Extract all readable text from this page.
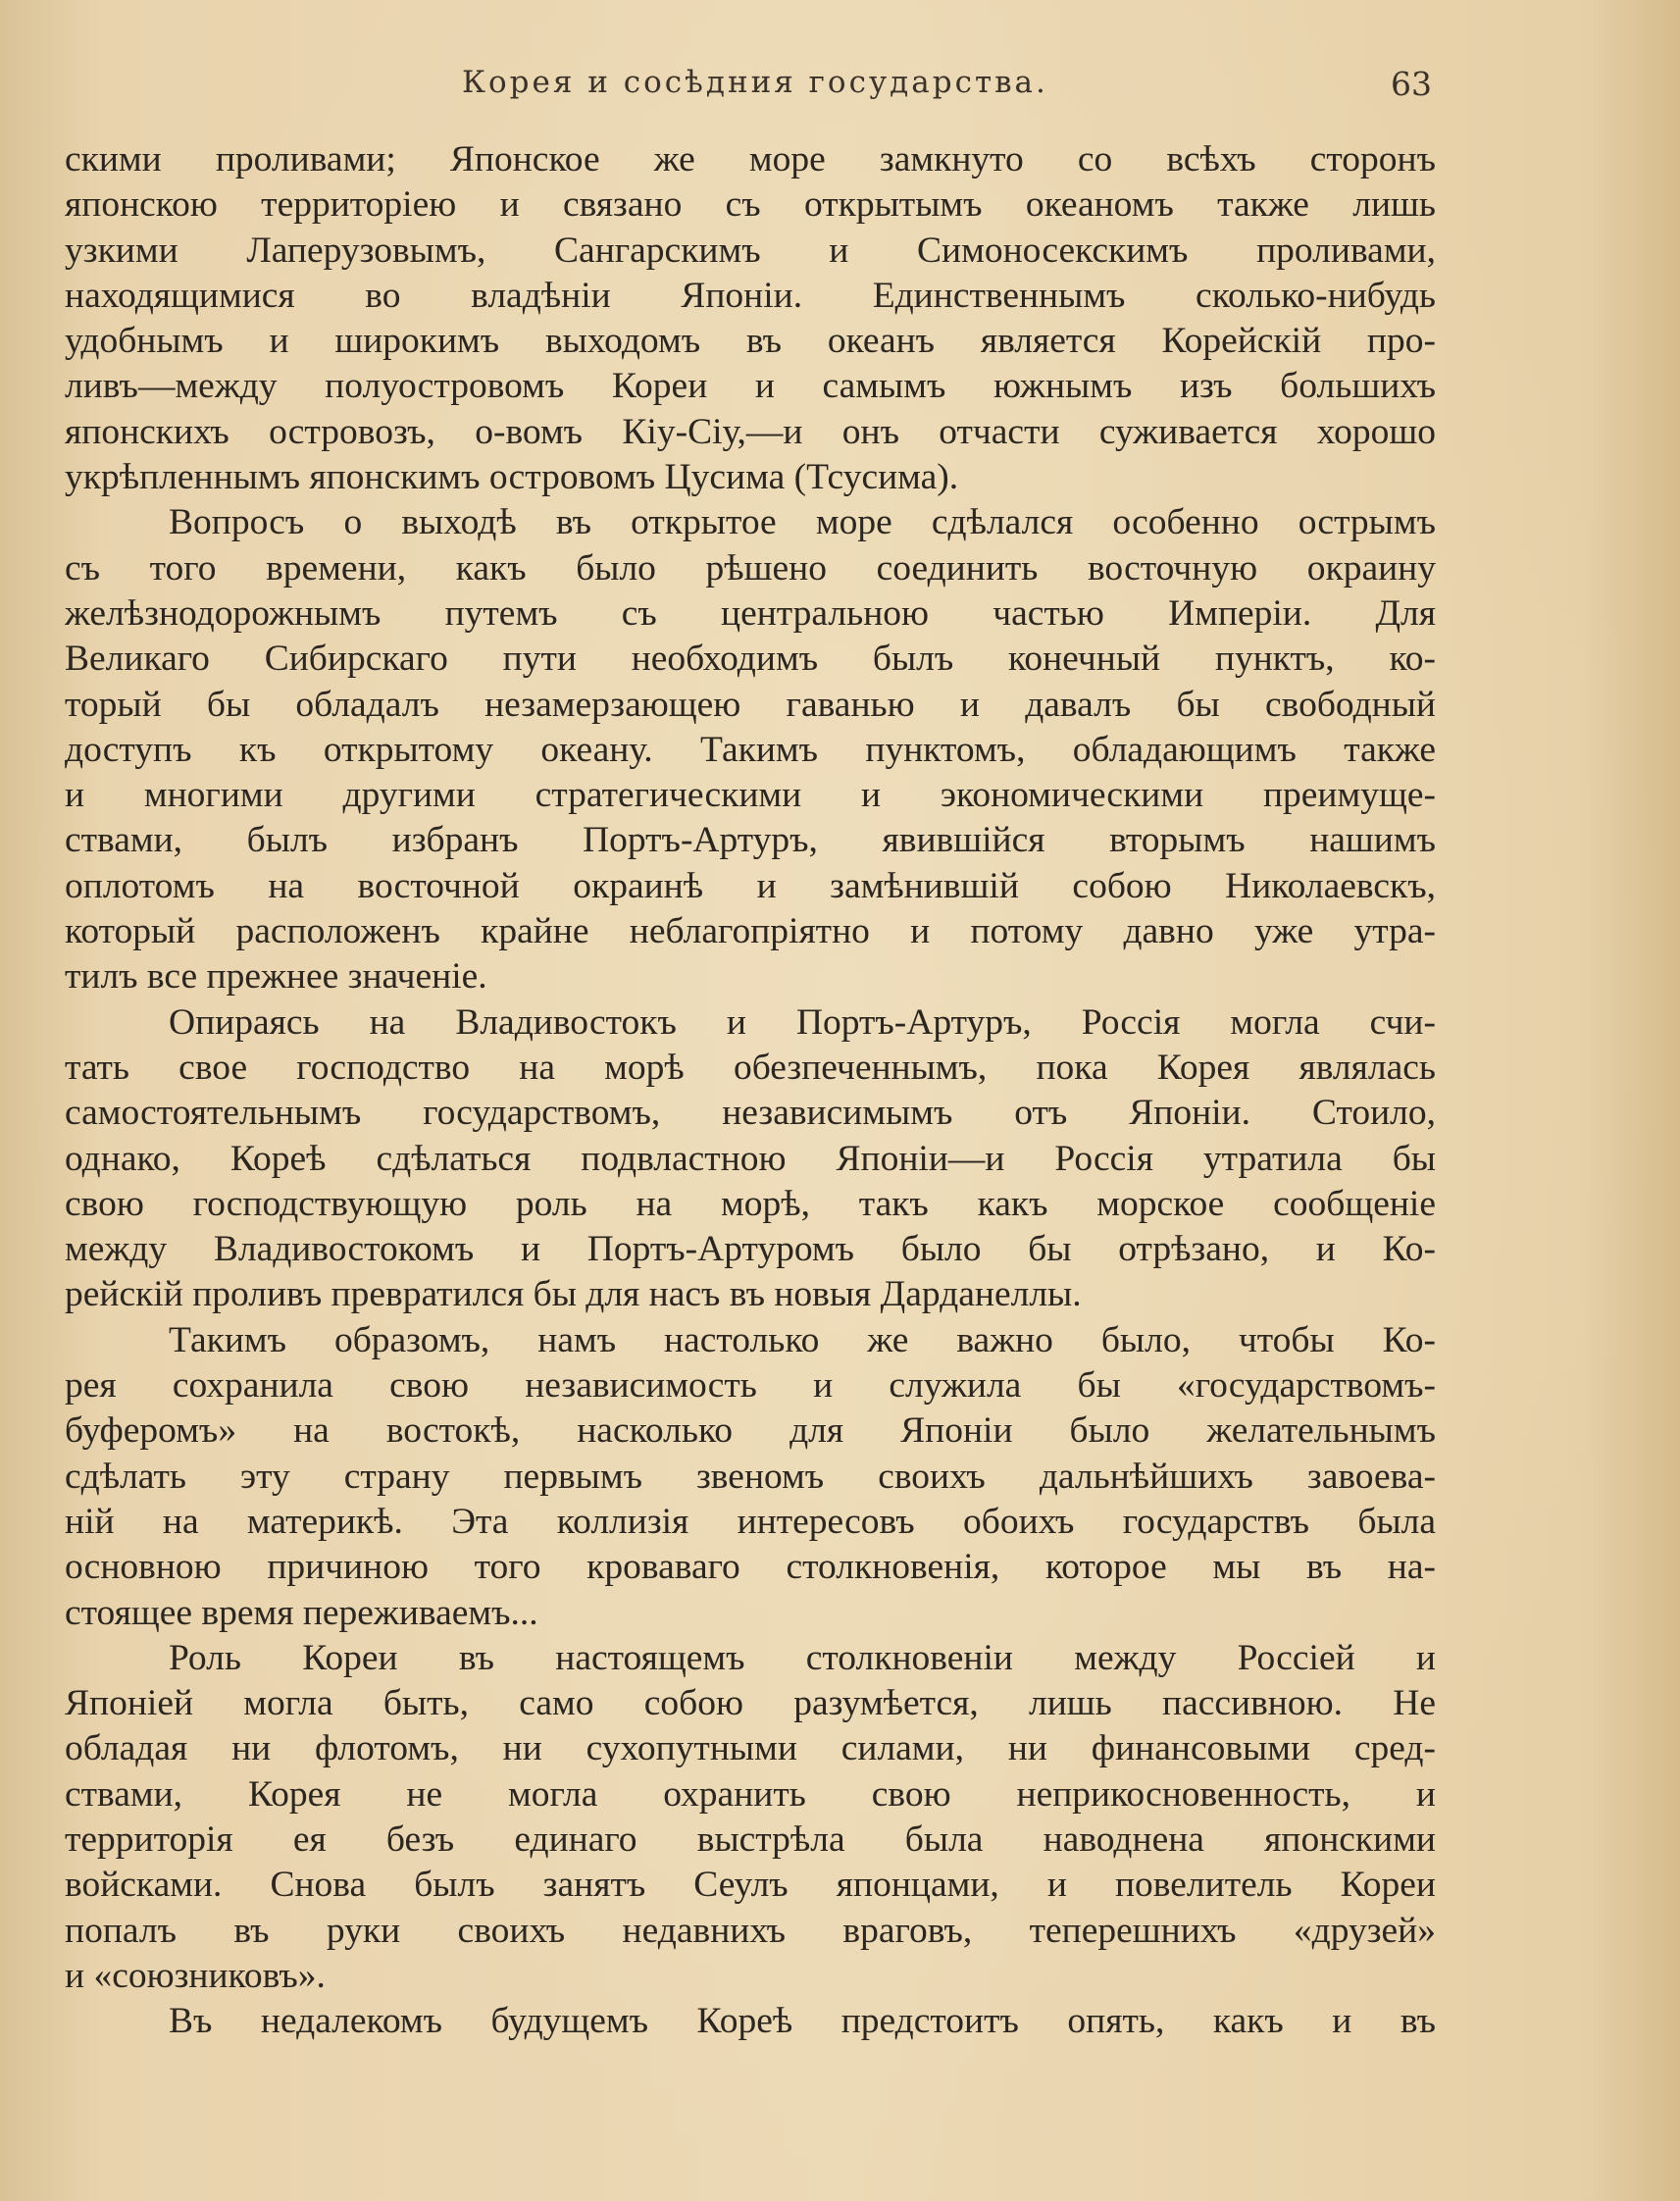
Корея и сосѣдния государства.	63
скими проливами; Японское же море замкнуто со всѣхъ сторонъ
японскою территоріею и связано съ открытымъ океаномъ также лишь
узкими Лаперузовымъ, Сангарскимъ и Симоносекскимъ проливами,
находящимися во владѣніи Японіи. Единственнымъ сколько-нибудь
удобнымъ и широкимъ выходомъ въ океанъ является Корейскій про-
ливъ—между полуостровомъ Кореи и самымъ южнымъ изъ большихъ
японскихъ островозъ, о-вомъ Кіу-Сіу,—и онъ отчасти суживается хорошо
укрѣпленнымъ японскимъ островомъ Цусима (Тсусима).
Вопросъ о выходѣ въ открытое море сдѣлался особенно острымъ
съ того времени, какъ было рѣшено соединить восточную окраину
желѣзнодорожнымъ путемъ съ центральною частью Имперіи. Для
Великаго Сибирскаго пути необходимъ былъ конечный пунктъ, ко-
торый бы обладалъ незамерзающею гаванью и давалъ бы свободный
доступъ къ открытому океану. Такимъ пунктомъ, обладающимъ также
и многими другими стратегическими и экономическими преимуще-
ствами, былъ избранъ Портъ-Артуръ, явившійся вторымъ нашимъ
оплотомъ на восточной окраинѣ и замѣнившій собою Николаевскъ,
который расположенъ крайне неблагопріятно и потому давно уже утра-
тилъ все прежнее значеніе.
Опираясь на Владивостокъ и Портъ-Артуръ, Россія могла счи-
тать свое господство на морѣ обезпеченнымъ, пока Корея являлась
самостоятельнымъ государствомъ, независимымъ отъ Японіи. Стоило,
однако, Кореѣ сдѣлаться подвластною Японіи—и Россія утратила бы
свою господствующую роль на морѣ, такъ какъ морское сообщеніе
между Владивостокомъ и Портъ-Артуромъ было бы отрѣзано, и Ко-
рейскій проливъ превратился бы для насъ въ новыя Дарданеллы.
Такимъ образомъ, намъ настолько же важно было, чтобы Ко-
рея сохранила свою независимость и служила бы «государствомъ-
буферомъ» на востокѣ, насколько для Японіи было желательнымъ
сдѣлать эту страну первымъ звеномъ своихъ дальнѣйшихъ завоева-
ній на материкѣ. Эта коллизія интересовъ обоихъ государствъ была
основною причиною того кроваваго столкновенія, которое мы въ на-
стоящее время переживаемъ...
Роль Кореи въ настоящемъ столкновеніи между Россіей и
Японіей могла быть, само собою разумѣется, лишь пассивною. Не
обладая ни флотомъ, ни сухопутными силами, ни финансовыми сред-
ствами, Корея не могла охранить свою неприкосновенность, и
территорія ея безъ единаго выстрѣла была наводнена японскими
войсками. Снова былъ занятъ Сеулъ японцами, и повелитель Кореи
попалъ въ руки своихъ недавнихъ враговъ, теперешнихъ «друзей»
и «союзниковъ».
Въ недалекомъ будущемъ Кореѣ предстоитъ опять, какъ и въ
